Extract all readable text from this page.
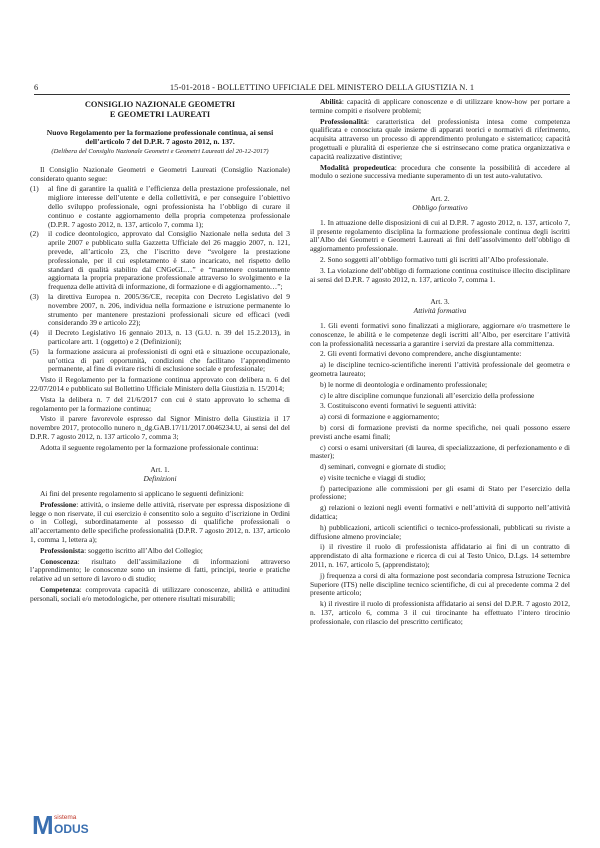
6	15-01-2018 - BOLLETTINO UFFICIALE DEL MINISTERO DELLA GIUSTIZIA N. 1
CONSIGLIO NAZIONALE GEOMETRI
E GEOMETRI LAUREATI
Nuovo Regolamento per la formazione professionale continua, ai sensi dell’articolo 7 del D.P.R. 7 agosto 2012, n. 137.
(Delibera del Consiglio Nazionale Geometri e Geometri Laureati del 20-12-2017)

Il Consiglio Nazionale Geometri e Geometri Laureati (Consiglio Nazionale) considerato quanto segue:

(1)	al fine di garantire la qualità e l’efficienza della prestazione professionale, nel migliore interesse dell’utente e della collettività, e per conseguire l’obiettivo dello sviluppo professionale, ogni professionista ha l’obbligo di curare il continuo e costante aggiornamento della propria competenza professionale (D.P.R. 7 agosto 2012, n. 137, articolo 7, comma 1);
(2)	il codice deontologico, approvato dal Consiglio Nazionale nella seduta del 3 aprile 2007 e pubblicato sulla Gazzetta Ufficiale del 26 maggio 2007, n. 121, prevede, all’articolo 23, che l’iscritto deve “svolgere la prestazione professionale, per il cui espletamento è stato incaricato, nel rispetto dello standard di qualità stabilito dal CNGeGL…” e “mantenere costantemente aggiornata la propria preparazione professionale attraverso lo svolgimento e la frequenza delle attività di informazione, di formazione e di aggiornamento…”;
(3)	la direttiva Europea n. 2005/36/CE, recepita con Decreto Legislativo del 9 novembre 2007, n. 206, individua nella formazione e istruzione permanente lo strumento per mantenere prestazioni professionali sicure ed efficaci (vedi considerando 39 e articolo 22);
(4)	il Decreto Legislativo 16 gennaio 2013, n. 13 (G.U. n. 39 del 15.2.2013), in particolare artt. 1 (oggetto) e 2 (Definizioni);
(5)	la formazione assicura ai professionisti di ogni età e situazione occupazionale, un’ottica di pari opportunità, condizioni che facilitano l’apprendimento permanente, al fine di evitare rischi di esclusione sociale e professionale;

Visto il Regolamento per la formazione continua approvato con delibera n. 6 del 22/07/2014 e pubblicato sul Bollettino Ufficiale Ministero della Giustizia n. 15/2014;

Vista la delibera n. 7 del 21/6/2017 con cui è stato approvato lo schema di regolamento per la formazione continua;

Visto il parere favorevole espresso dal Signor Ministro della Giustizia il 17 novembre 2017, protocollo nunero n_dg.GAB.17/11/2017.0046234.U, ai sensi del del D.P.R. 7 agosto 2012, n. 137 articolo 7, comma 3;

Adotta il seguente regolamento per la formazione professionale continua:

Art. 1.
Definizioni

Ai fini del presente regolamento si applicano le seguenti definizioni:

Professione: attività, o insieme delle attività, riservate per espressa disposizione di legge o non riservate, il cui esercizio è consentito solo a seguito d’iscrizione in Ordini o in Collegi, subordinatamente al possesso di qualifiche professionali o all’accertamento delle specifiche professionalità (D.P.R. 7 agosto 2012, n. 137, articolo 1, comma 1, lettera a);

Professionista: soggetto iscritto all’Albo del Collegio;

Conoscenza: risultato dell’assimilazione di informazioni attraverso l’apprendimento; le conoscenze sono un insieme di fatti, principi, teorie e pratiche relative ad un settore di lavoro o di studio;

Competenza: comprovata capacità di utilizzare conoscenze, abilità e attitudini personali, sociali e/o metodologiche, per ottenere risultati misurabili;

Abilità: capacità di applicare conoscenze e di utilizzare know-how per portare a termine compiti e risolvere problemi;

Professionalità: caratteristica del professionista intesa come competenza qualificata e conosciuta quale insieme di apparati teorici e normativi di riferimento, acquisita attraverso un processo di apprendimento prolungato e sistematico; capacità progettuali e pluralità di esperienze che si estrinsecano come pratica organizzativa e capacità realizzative distintive;

Modalità propedeutica: procedura che consente la possibilità di accedere al modulo o sezione successiva mediante superamento di un test auto-valutativo.

Art. 2.
Obbligo formativo

1. In attuazione delle disposizioni di cui al D.P.R. 7 agosto 2012, n. 137, articolo 7, il presente regolamento disciplina la formazione professionale continua degli iscritti all’Albo dei Geometri e Geometri Laureati ai fini dell’assolvimento dell’obbligo di aggiornamento professionale.

2. Sono soggetti all’obbligo formativo tutti gli iscritti all’Albo professionale.

3. La violazione dell’obbligo di formazione continua costituisce illecito disciplinare ai sensi del D.P.R. 7 agosto 2012, n. 137, articolo 7, comma 1.

Art. 3.
Attività formativa

1. Gli eventi formativi sono finalizzati a migliorare, aggiornare e/o trasmettere le conoscenze, le abilità e le competenze degli iscritti all’Albo, per esercitare l’attività con la professionalità necessaria a garantire i servizi da prestare alla committenza.

2. Gli eventi formativi devono comprendere, anche disgiuntamente:

a) le discipline tecnico-scientifiche inerenti l’attività professionale del geometra e geometra laureato;

b) le norme di deontologia e ordinamento professionale;

c) le altre discipline comunque funzionali all’esercizio della professione

3. Costituiscono eventi formativi le seguenti attività:

a) corsi di formazione e aggiornamento;

b) corsi di formazione previsti da norme specifiche, nei quali possono essere previsti anche esami finali;

c) corsi o esami universitari (di laurea, di specializzazione, di perfezionamento e di master);

d) seminari, convegni e giornate di studio;

e) visite tecniche e viaggi di studio;

f) partecipazione alle commissioni per gli esami di Stato per l’esercizio della professione;

g) relazioni o lezioni negli eventi formativi e nell’attività di supporto nell’attività didattica;

h) pubblicazioni, articoli scientifici o tecnico-professionali, pubblicati su riviste a diffusione almeno provinciale;

i) il rivestire il ruolo di professionista affidatario ai fini di un contratto di apprendistato di alta formazione e ricerca di cui al Testo Unico, D.Lgs. 14 settembre 2011, n. 167, articolo 5, (apprendistato);

j) frequenza a corsi di alta formazione post secondaria compresa Istruzione Tecnica Superiore (ITS) nelle discipline tecnico scientifiche, di cui al precedente comma 2 del presente articolo;

k) il rivestire il ruolo di professionista affidatario ai sensi del D.P.R. 7 agosto 2012, n. 137, articolo 6, comma 3 il cui tirocinante ha effettuato l’intero tirocinio professionale, con rilascio del prescritto certificato;

M sistema
ODUS
